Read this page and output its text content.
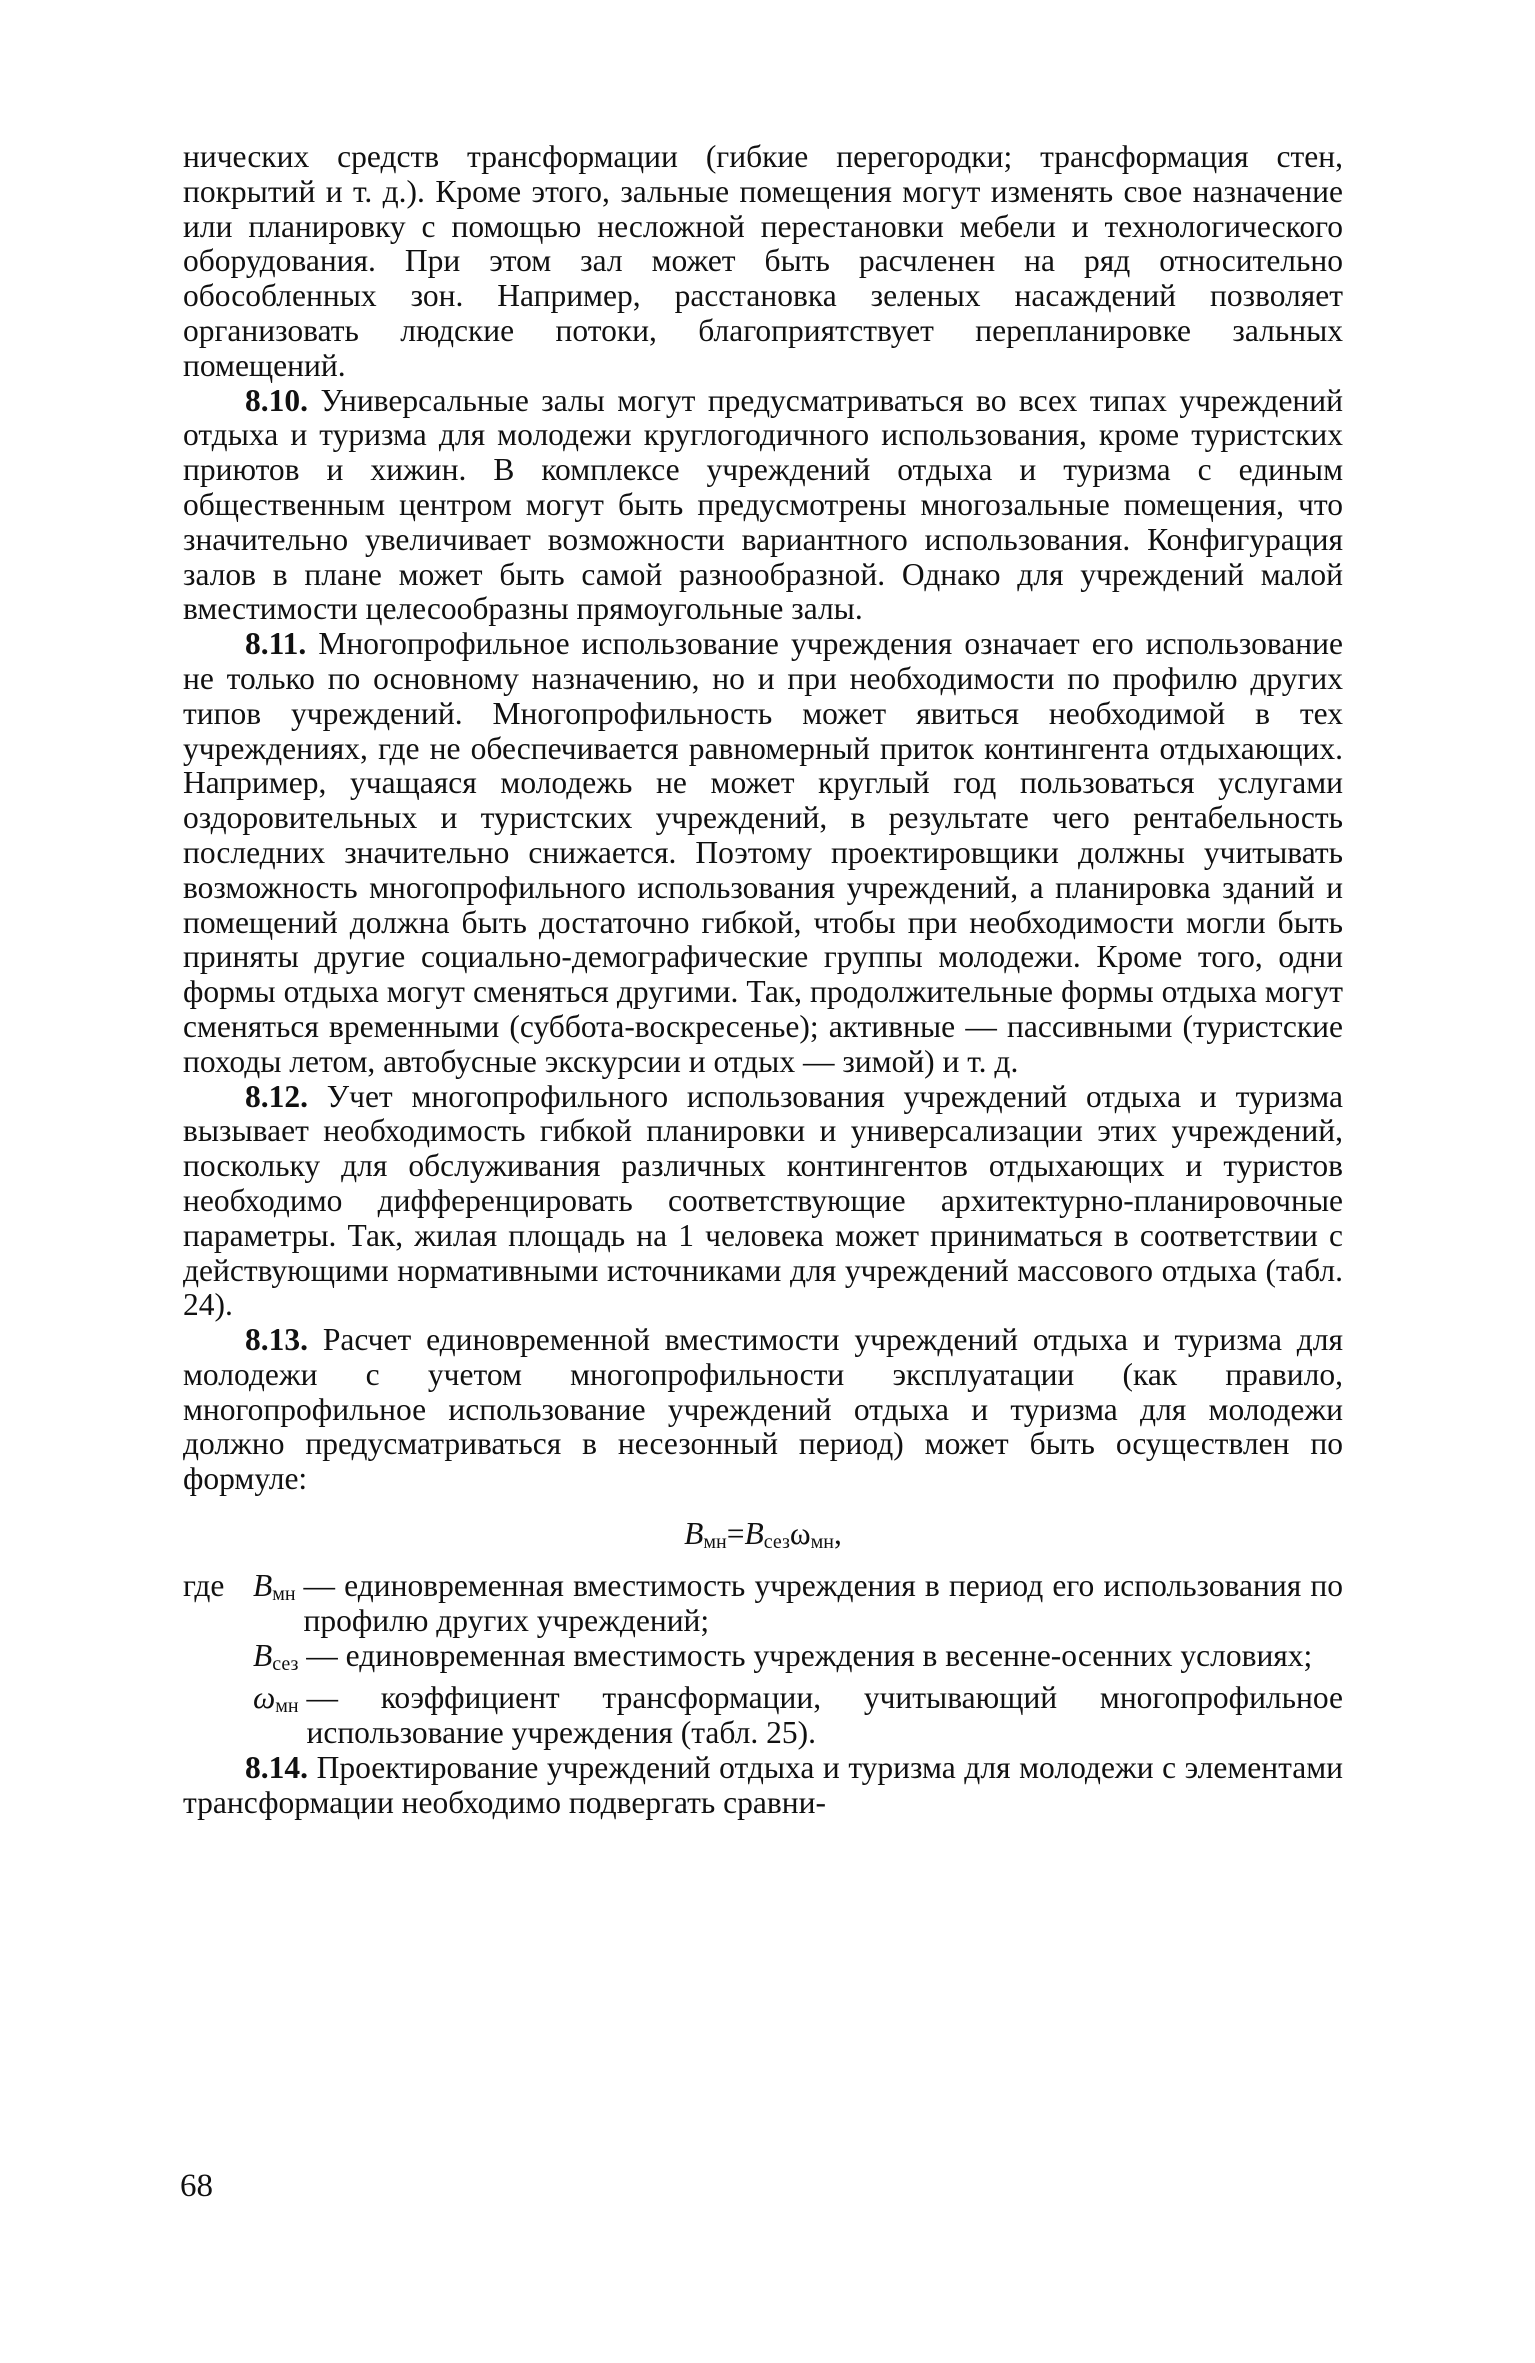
нических средств трансформации (гибкие перегородки; трансформация стен, покрытий и т. д.). Кроме этого, зальные помещения могут изменять свое назначение или планировку с помощью несложной перестановки мебели и технологического оборудования. При этом зал может быть расчленен на ряд относительно обособленных зон. Например, расстановка зеленых насаждений позволяет организовать людские потоки, благоприятствует перепланировке зальных помещений.

8.10. Универсальные залы могут предусматриваться во всех типах учреждений отдыха и туризма для молодежи круглогодичного использования, кроме туристских приютов и хижин. В комплексе учреждений отдыха и туризма с единым общественным центром могут быть предусмотрены многозальные помещения, что значительно увеличивает возможности вариантного использования. Конфигурация залов в плане может быть самой разнообразной. Однако для учреждений малой вместимости целесообразны прямоугольные залы.

8.11. Многопрофильное использование учреждения означает его использование не только по основному назначению, но и при необходимости по профилю других типов учреждений. Многопрофильность может явиться необходимой в тех учреждениях, где не обеспечивается равномерный приток контингента отдыхающих. Например, учащаяся молодежь не может круглый год пользоваться услугами оздоровительных и туристских учреждений, в результате чего рентабельность последних значительно снижается. Поэтому проектировщики должны учитывать возможность многопрофильного использования учреждений, а планировка зданий и помещений должна быть достаточно гибкой, чтобы при необходимости могли быть приняты другие социально-демографические группы молодежи. Кроме того, одни формы отдыха могут сменяться другими. Так, продолжительные формы отдыха могут сменяться временными (суббота-воскресенье); активные — пассивными (туристские походы летом, автобусные экскурсии и отдых — зимой) и т. д.

8.12. Учет многопрофильного использования учреждений отдыха и туризма вызывает необходимость гибкой планировки и универсализации этих учреждений, поскольку для обслуживания различных контингентов отдыхающих и туристов необходимо дифференцировать соответствующие архитектурно-планировочные параметры. Так, жилая площадь на 1 человека может приниматься в соответствии с действующими нормативными источниками для учреждений массового отдыха (табл. 24).

8.13. Расчет единовременной вместимости учреждений отдыха и туризма для молодежи с учетом многопрофильности эксплуатации (как правило, многопрофильное использование учреждений отдыха и туризма для молодежи должно предусматриваться в несезонный период) может быть осуществлен по формуле:

$B_{мн}=B_{сез}\omega_{мн}$,
где $B_{мн}$ — единовременная вместимость учреждения в период его использования по профилю других учреждений;
$B_{сез}$ — единовременная вместимость учреждения в весенне-осенних условиях;
$\omega_{мн}$ — коэффициент трансформации, учитывающий многопрофильное использование учреждения (табл. 25).

8.14. Проектирование учреждений отдыха и туризма для молодежи с элементами трансформации необходимо подвергать сравни-

68
